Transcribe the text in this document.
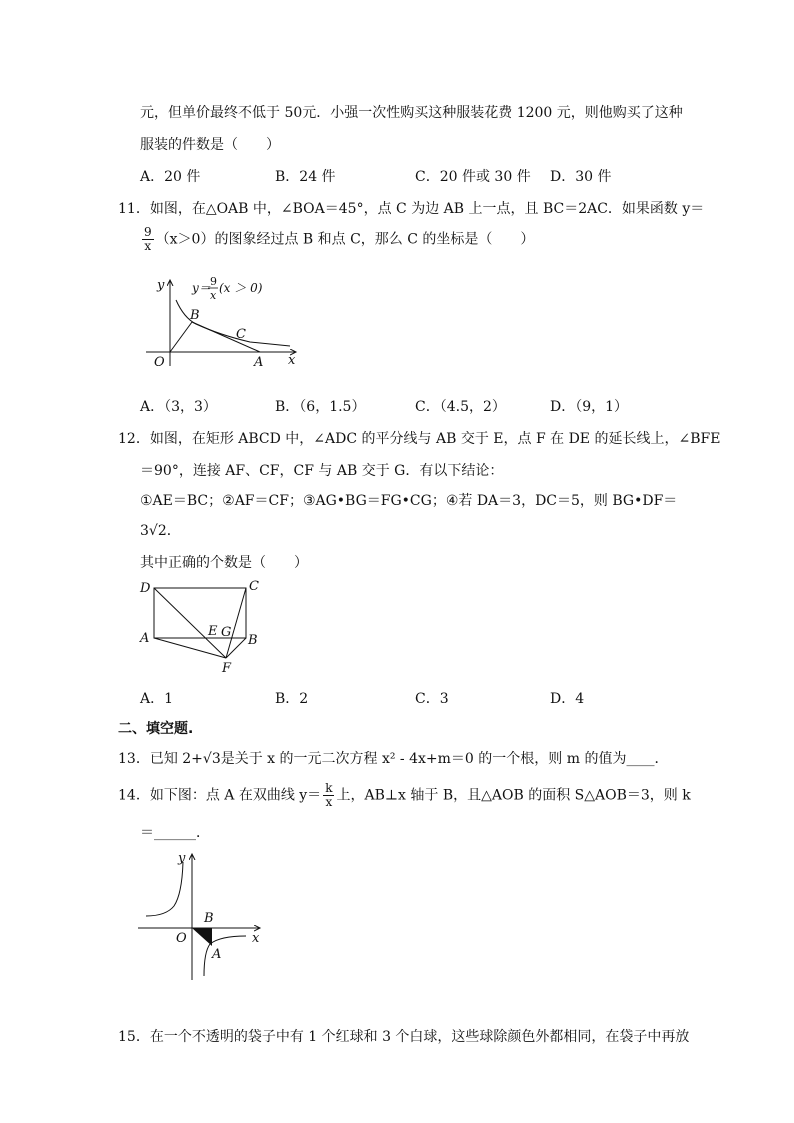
元，但单价最终不低于 50元．小强一次性购买这种服装花费 1200 元，则他购买了这种
服装的件数是（　　）
A．20 件	B．24 件	C．20 件或 30 件	D．30 件
11．如图，在△OAB 中，∠BOA＝45°，点 C 为边 AB 上一点，且 BC＝2AC．如果函数 y＝
$\frac{9}{x} (x>0)$的图象经过点 B 和点 C，那么 C 的坐标是（　　）
y
x
O	A
B
C
y＝ 9
x
(x ＞ 0)
A．（3，3）	B．（6，1.5）	C．（4.5，2）	D．（9，1）
12．如图，在矩形 ABCD 中，∠ADC 的平分线与 AB 交于 E，点 F 在 DE 的延长线上，∠BFE
＝90°，连接 AF、CF，CF 与 AB 交于 G．有以下结论：
①AE＝BC；②AF＝CF；③AG•BG＝FG•CG；④若 DA＝3，DC＝5，则 BG•DF＝
3√2．
其中正确的个数是（　　）
D	C
A	E G
B
F
A．1	B．2	C．3	D．4
二、填空题.
13．已知 2+√3是关于 x 的一元二次方程 x² - 4x+m＝0 的一个根，则 m 的值为____．
14．如下图：点 A 在双曲线 $y= \frac{k}{x}$ 上，AB⊥x 轴于 B，且△AOB 的面积 S△AOB＝3，则 k
＝______．
y
x
O
B
A
15．在一个不透明的袋子中有 1 个红球和 3 个白球，这些球除颜色外都相同，在袋子中再放
